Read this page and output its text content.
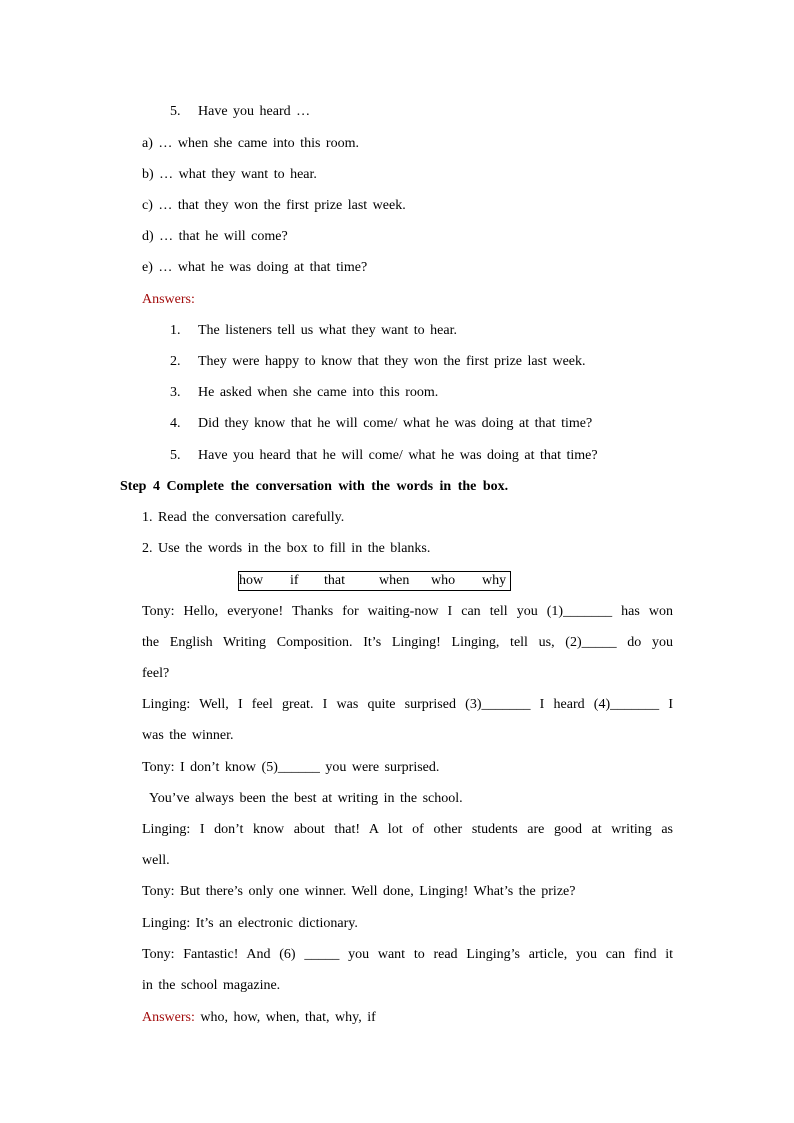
5. Have you heard …
a) … when she came into this room.
b) … what they want to hear.
c) … that they won the first prize last week.
d) … that he will come?
e) … what he was doing at that time?
Answers:
1. The listeners tell us what they want to hear.
2. They were happy to know that they won the first prize last week.
3. He asked when she came into this room.
4. Did they know that he will come/ what he was doing at that time?
5. Have you heard that he will come/ what he was doing at that time?
Step 4 Complete the conversation with the words in the box.
1. Read the conversation carefully.
2. Use the words in the box to fill in the blanks.
how if that when who why
Tony: Hello, everyone! Thanks for waiting-now I can tell you (1)_______ has won
the English Writing Composition. It’s Linging! Linging, tell us, (2)_____ do you
feel?
Linging: Well, I feel great. I was quite surprised (3)_______ I heard (4)_______ I
was the winner.
Tony: I don’t know (5)______ you were surprised.
You’ve always been the best at writing in the school.
Linging: I don’t know about that! A lot of other students are good at writing as
well.
Tony: But there’s only one winner. Well done, Linging! What’s the prize?
Linging: It’s an electronic dictionary.
Tony: Fantastic! And (6) _____ you want to read Linging’s article, you can find it
in the school magazine.
Answers: who, how, when, that, why, if
